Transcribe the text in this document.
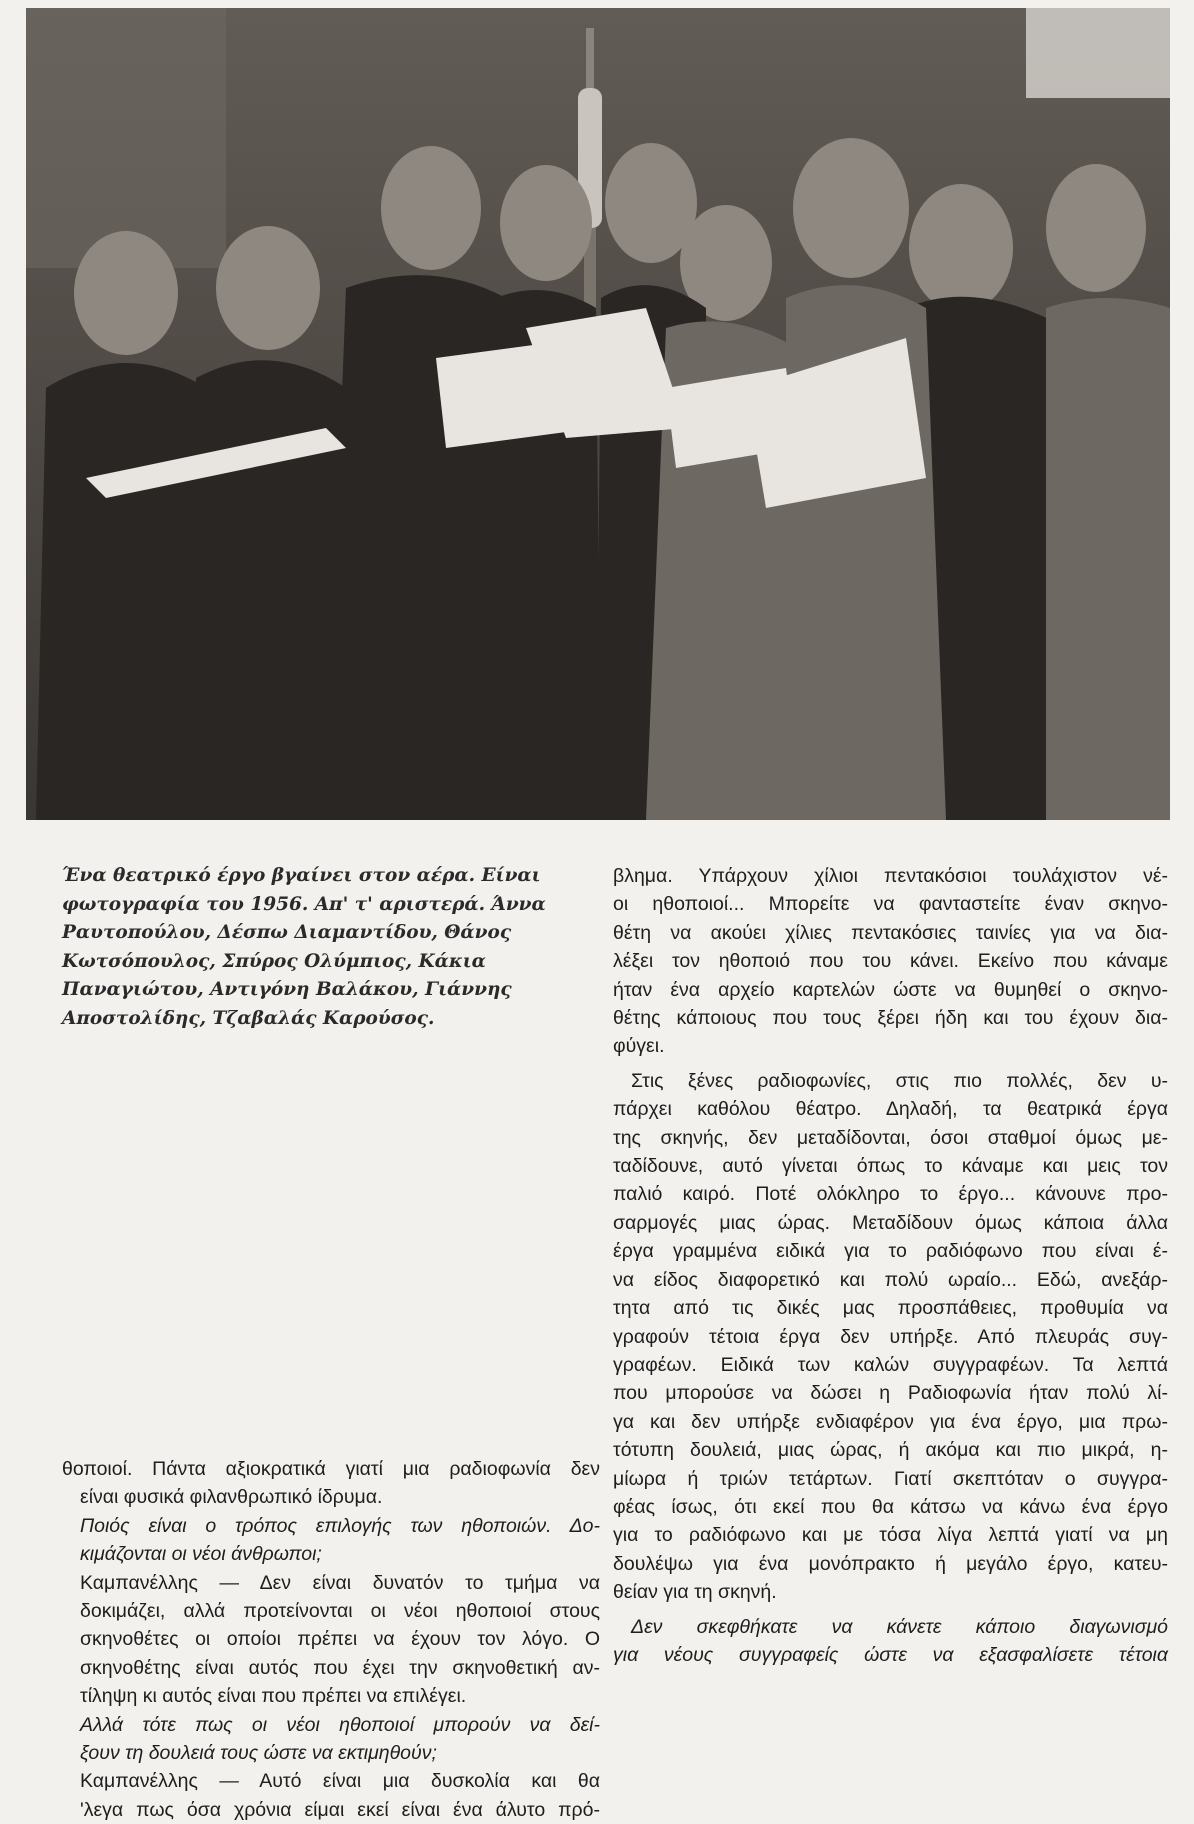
Ένα θεατρικό έργο βγαίνει στον αέρα. Είναι
φωτογραφία του 1956. Απ' τ' αριστερά. Άννα
Ραυτοπούλου, Δέσπω Διαμαντίδου, Θάνος
Κωτσόπουλος, Σπύρος Ολύμπιος, Κάκια
Παναγιώτου, Αντιγόνη Βαλάκου, Γιάννης
Αποστολίδης, Τζαβαλάς Καρούσος.
θοποιοί. Πάντα αξιοκρατικά γιατί μια ραδιοφωνία δεν
είναι φυσικά φιλανθρωπικό ίδρυμα.
Ποιός είναι ο τρόπος επιλογής των ηθοποιών. Δο-
κιμάζονται οι νέοι άνθρωποι;
Καμπανέλλης — Δεν είναι δυνατόν το τμήμα να
δοκιμάζει, αλλά προτείνονται οι νέοι ηθοποιοί στους
σκηνοθέτες οι οποίοι πρέπει να έχουν τον λόγο. Ο
σκηνοθέτης είναι αυτός που έχει την σκηνοθετική αν-
τίληψη κι αυτός είναι που πρέπει να επιλέγει.
Αλλά τότε πως οι νέοι ηθοποιοί μπορούν να δεί-
ξουν τη δουλειά τους ώστε να εκτιμηθούν;
Καμπανέλλης — Αυτό είναι μια δυσκολία και θα
'λεγα πως όσα χρόνια είμαι εκεί είναι ένα άλυτο πρό-
βλημα. Υπάρχουν χίλιοι πεντακόσιοι τουλάχιστον νέ-
οι ηθοποιοί... Μπορείτε να φανταστείτε έναν σκηνο-
θέτη να ακούει χίλιες πεντακόσιες ταινίες για να δια-
λέξει τον ηθοποιό που του κάνει. Εκείνο που κάναμε
ήταν ένα αρχείο καρτελών ώστε να θυμηθεί ο σκηνο-
θέτης κάποιους που τους ξέρει ήδη και του έχουν δια-
φύγει.
Στις ξένες ραδιοφωνίες, στις πιο πολλές, δεν υ-
πάρχει καθόλου θέατρο. Δηλαδή, τα θεατρικά έργα
της σκηνής, δεν μεταδίδονται, όσοι σταθμοί όμως με-
ταδίδουνε, αυτό γίνεται όπως το κάναμε και μεις τον
παλιό καιρό. Ποτέ ολόκληρο το έργο... κάνουνε προ-
σαρμογές μιας ώρας. Μεταδίδουν όμως κάποια άλλα
έργα γραμμένα ειδικά για το ραδιόφωνο που είναι έ-
να είδος διαφορετικό και πολύ ωραίο... Εδώ, ανεξάρ-
τητα από τις δικές μας προσπάθειες, προθυμία να
γραφούν τέτοια έργα δεν υπήρξε. Από πλευράς συγ-
γραφέων. Ειδικά των καλών συγγραφέων. Τα λεπτά
που μπορούσε να δώσει η Ραδιοφωνία ήταν πολύ λί-
γα και δεν υπήρξε ενδιαφέρον για ένα έργο, μια πρω-
τότυπη δουλειά, μιας ώρας, ή ακόμα και πιο μικρά, η-
μίωρα ή τριών τετάρτων. Γιατί σκεπτόταν ο συγγρα-
φέας ίσως, ότι εκεί που θα κάτσω να κάνω ένα έργο
για το ραδιόφωνο και με τόσα λίγα λεπτά γιατί να μη
δουλέψω για ένα μονόπρακτο ή μεγάλο έργο, κατευ-
θείαν για τη σκηνή.
Δεν σκεφθήκατε να κάνετε κάποιο διαγωνισμό
για νέους συγγραφείς ώστε να εξασφαλίσετε τέτοια
